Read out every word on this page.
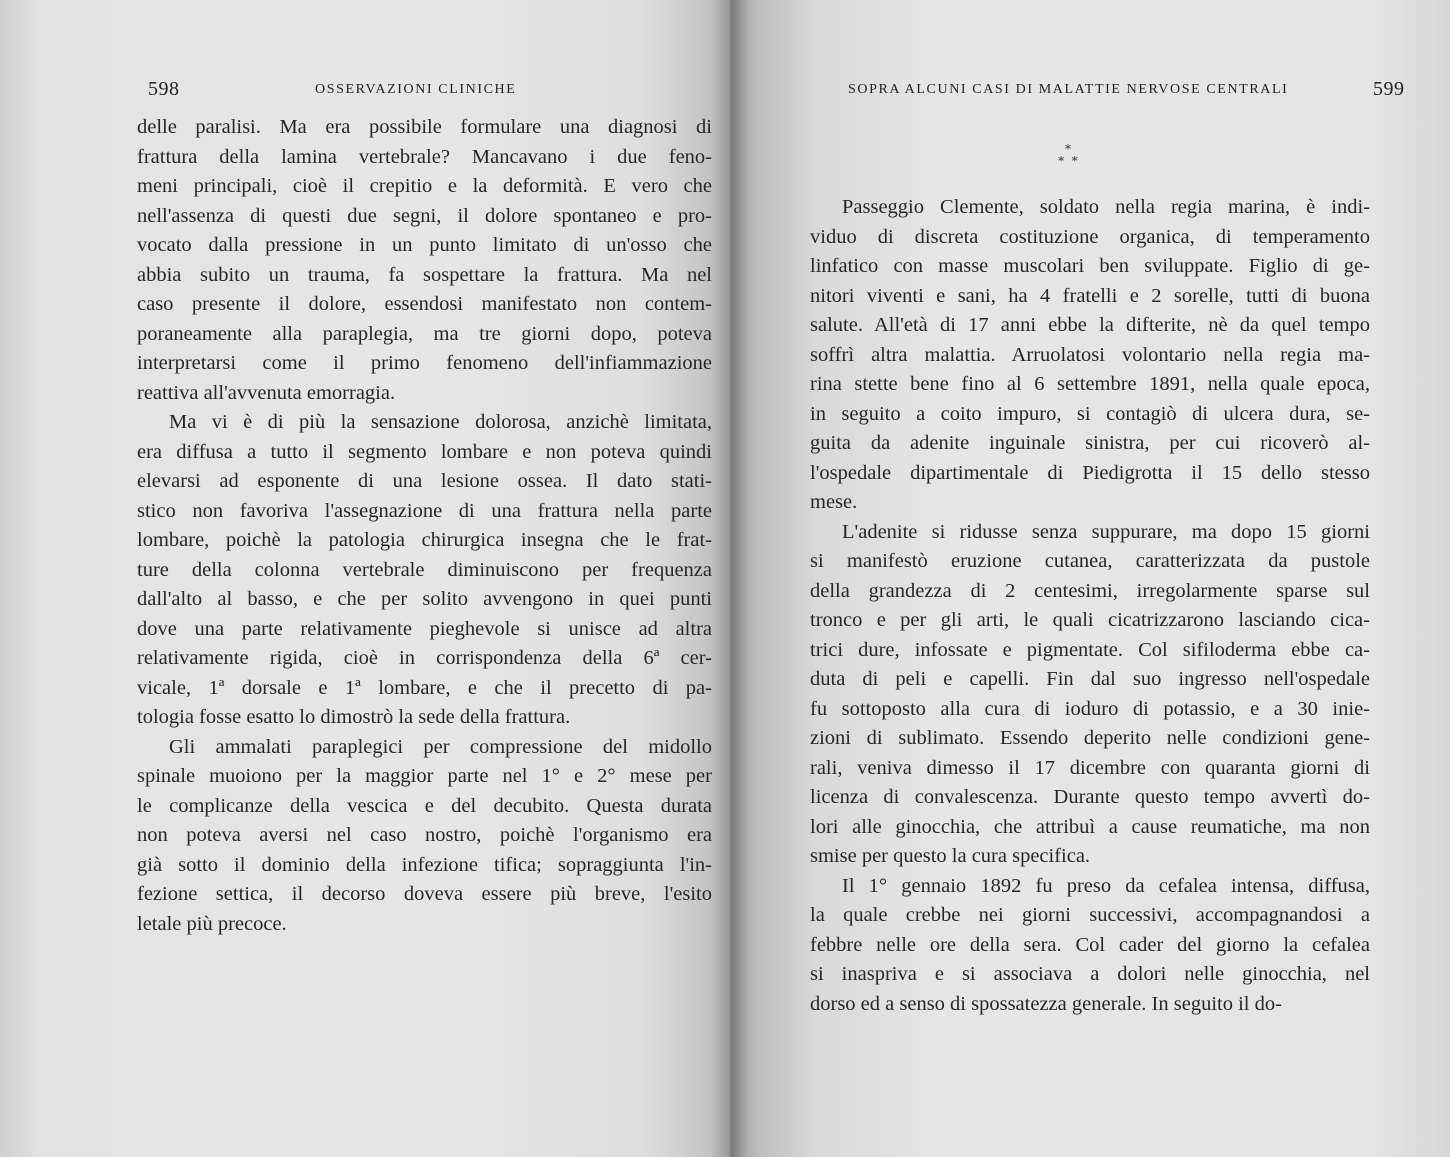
598	OSSERVAZIONI CLINICHE
delle paralisi. Ma era possibile formulare una diagnosi di
frattura della lamina vertebrale? Mancavano i due feno-
meni principali, cioè il crepitio e la deformità. E vero che
nell'assenza di questi due segni, il dolore spontaneo e pro-
vocato dalla pressione in un punto limitato di un'osso che
abbia subito un trauma, fa sospettare la frattura. Ma nel
caso presente il dolore, essendosi manifestato non contem-
poraneamente alla paraplegia, ma tre giorni dopo, poteva
interpretarsi come il primo fenomeno dell'infiammazione
reattiva all'avvenuta emorragia.
Ma vi è di più la sensazione dolorosa, anzichè limitata,
era diffusa a tutto il segmento lombare e non poteva quindi
elevarsi ad esponente di una lesione ossea. Il dato stati-
stico non favoriva l'assegnazione di una frattura nella parte
lombare, poichè la patologia chirurgica insegna che le frat-
ture della colonna vertebrale diminuiscono per frequenza
dall'alto al basso, e che per solito avvengono in quei punti
dove una parte relativamente pieghevole si unisce ad altra
relativamente rigida, cioè in corrispondenza della 6ª cer-
vicale, 1ª dorsale e 1ª lombare, e che il precetto di pa-
tologia fosse esatto lo dimostrò la sede della frattura.
Gli ammalati paraplegici per compressione del midollo
spinale muoiono per la maggior parte nel 1° e 2° mese per
le complicanze della vescica e del decubito. Questa durata
non poteva aversi nel caso nostro, poichè l'organismo era
già sotto il dominio della infezione tifica; sopraggiunta l'in-
fezione settica, il decorso doveva essere più breve, l'esito
letale più precoce.
SOPRA ALCUNI CASI DI MALATTIE NERVOSE CENTRALI	599
*
*  *
Passeggio Clemente, soldato nella regia marina, è indi-
viduo di discreta costituzione organica, di temperamento
linfatico con masse muscolari ben sviluppate. Figlio di ge-
nitori viventi e sani, ha 4 fratelli e 2 sorelle, tutti di buona
salute. All'età di 17 anni ebbe la difterite, nè da quel tempo
soffrì altra malattia. Arruolatosi volontario nella regia ma-
rina stette bene fino al 6 settembre 1891, nella quale epoca,
in seguito a coito impuro, si contagiò di ulcera dura, se-
guita da adenite inguinale sinistra, per cui ricoverò al-
l'ospedale dipartimentale di Piedigrotta il 15 dello stesso
mese.
L'adenite si ridusse senza suppurare, ma dopo 15 giorni
si manifestò eruzione cutanea, caratterizzata da pustole
della grandezza di 2 centesimi, irregolarmente sparse sul
tronco e per gli arti, le quali cicatrizzarono lasciando cica-
trici dure, infossate e pigmentate. Col sifiloderma ebbe ca-
duta di peli e capelli. Fin dal suo ingresso nell'ospedale
fu sottoposto alla cura di ioduro di potassio, e a 30 inie-
zioni di sublimato. Essendo deperito nelle condizioni gene-
rali, veniva dimesso il 17 dicembre con quaranta giorni di
licenza di convalescenza. Durante questo tempo avvertì do-
lori alle ginocchia, che attribuì a cause reumatiche, ma non
smise per questo la cura specifica.
Il 1° gennaio 1892 fu preso da cefalea intensa, diffusa,
la quale crebbe nei giorni successivi, accompagnandosi a
febbre nelle ore della sera. Col cader del giorno la cefalea
si inaspriva e si associava a dolori nelle ginocchia, nel
dorso ed a senso di spossatezza generale. In seguito il do-
